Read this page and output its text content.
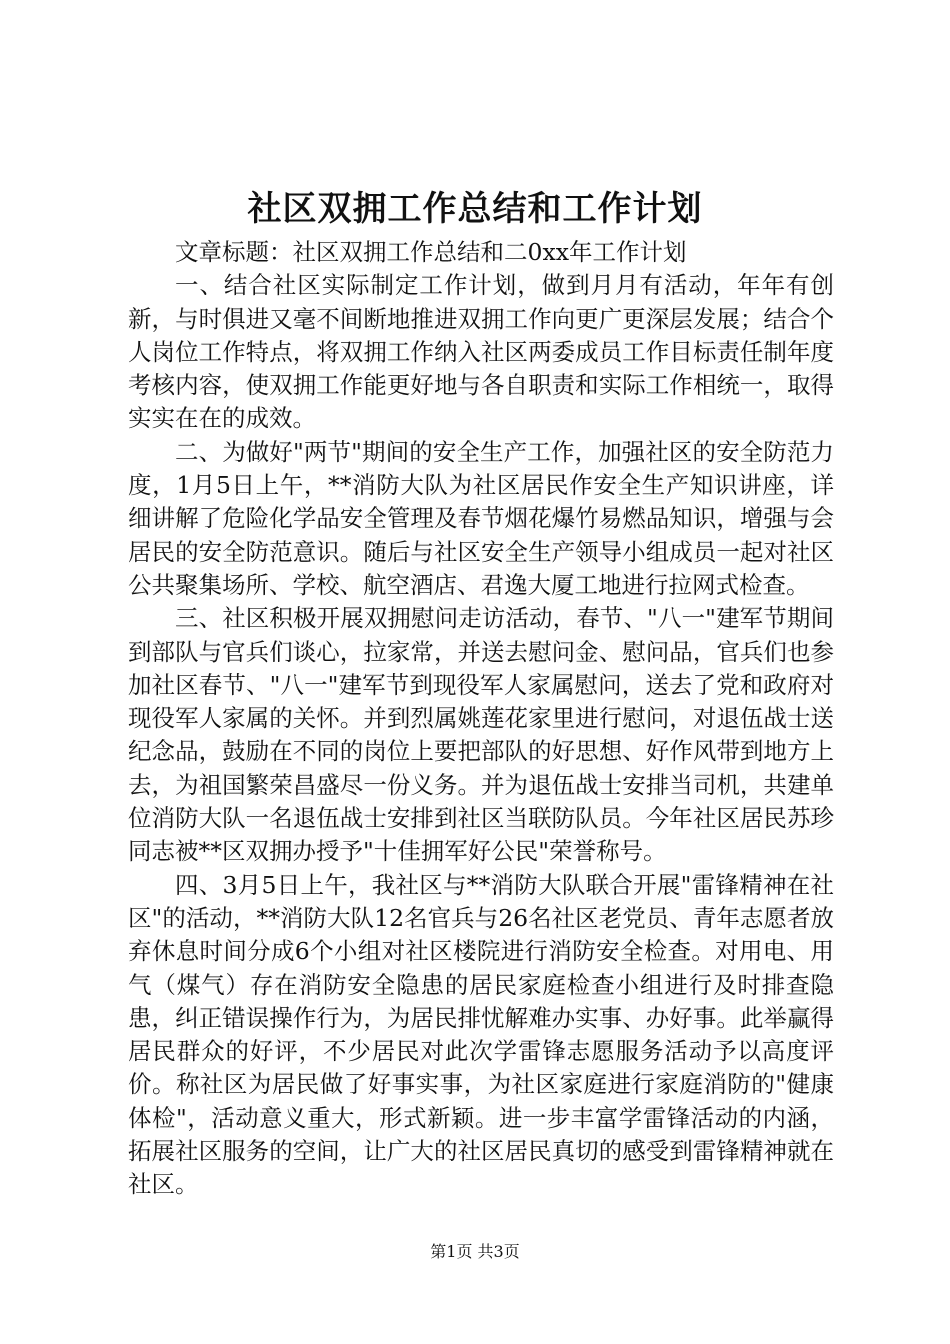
社区双拥工作总结和工作计划

文章标题：社区双拥工作总结和二0xx年工作计划

一、结合社区实际制定工作计划，做到月月有活动，年年有创新，与时俱进又毫不间断地推进双拥工作向更广更深层发展；结合个人岗位工作特点，将双拥工作纳入社区两委成员工作目标责任制年度考核内容，使双拥工作能更好地与各自职责和实际工作相统一，取得实实在在的成效。

二、为做好"两节"期间的安全生产工作，加强社区的安全防范力度，1月5日上午，**消防大队为社区居民作安全生产知识讲座，详细讲解了危险化学品安全管理及春节烟花爆竹易燃品知识，增强与会居民的安全防范意识。随后与社区安全生产领导小组成员一起对社区公共聚集场所、学校、航空酒店、君逸大厦工地进行拉网式检查。

三、社区积极开展双拥慰问走访活动，春节、"八一"建军节期间到部队与官兵们谈心，拉家常，并送去慰问金、慰问品，官兵们也参加社区春节、"八一"建军节到现役军人家属慰问，送去了党和政府对现役军人家属的关怀。并到烈属姚莲花家里进行慰问，对退伍战士送纪念品，鼓励在不同的岗位上要把部队的好思想、好作风带到地方上去，为祖国繁荣昌盛尽一份义务。并为退伍战士安排当司机，共建单位消防大队一名退伍战士安排到社区当联防队员。今年社区居民苏珍同志被**区双拥办授予"十佳拥军好公民"荣誉称号。

四、3月5日上午，我社区与**消防大队联合开展"雷锋精神在社区"的活动，**消防大队12名官兵与26名社区老党员、青年志愿者放弃休息时间分成6个小组对社区楼院进行消防安全检查。对用电、用气（煤气）存在消防安全隐患的居民家庭检查小组进行及时排查隐患，纠正错误操作行为，为居民排忧解难办实事、办好事。此举赢得居民群众的好评，不少居民对此次学雷锋志愿服务活动予以高度评价。称社区为居民做了好事实事，为社区家庭进行家庭消防的"健康体检"，活动意义重大，形式新颖。进一步丰富学雷锋活动的内涵，拓展社区服务的空间，让广大的社区居民真切的感受到雷锋精神就在社区。

第1页 共3页
